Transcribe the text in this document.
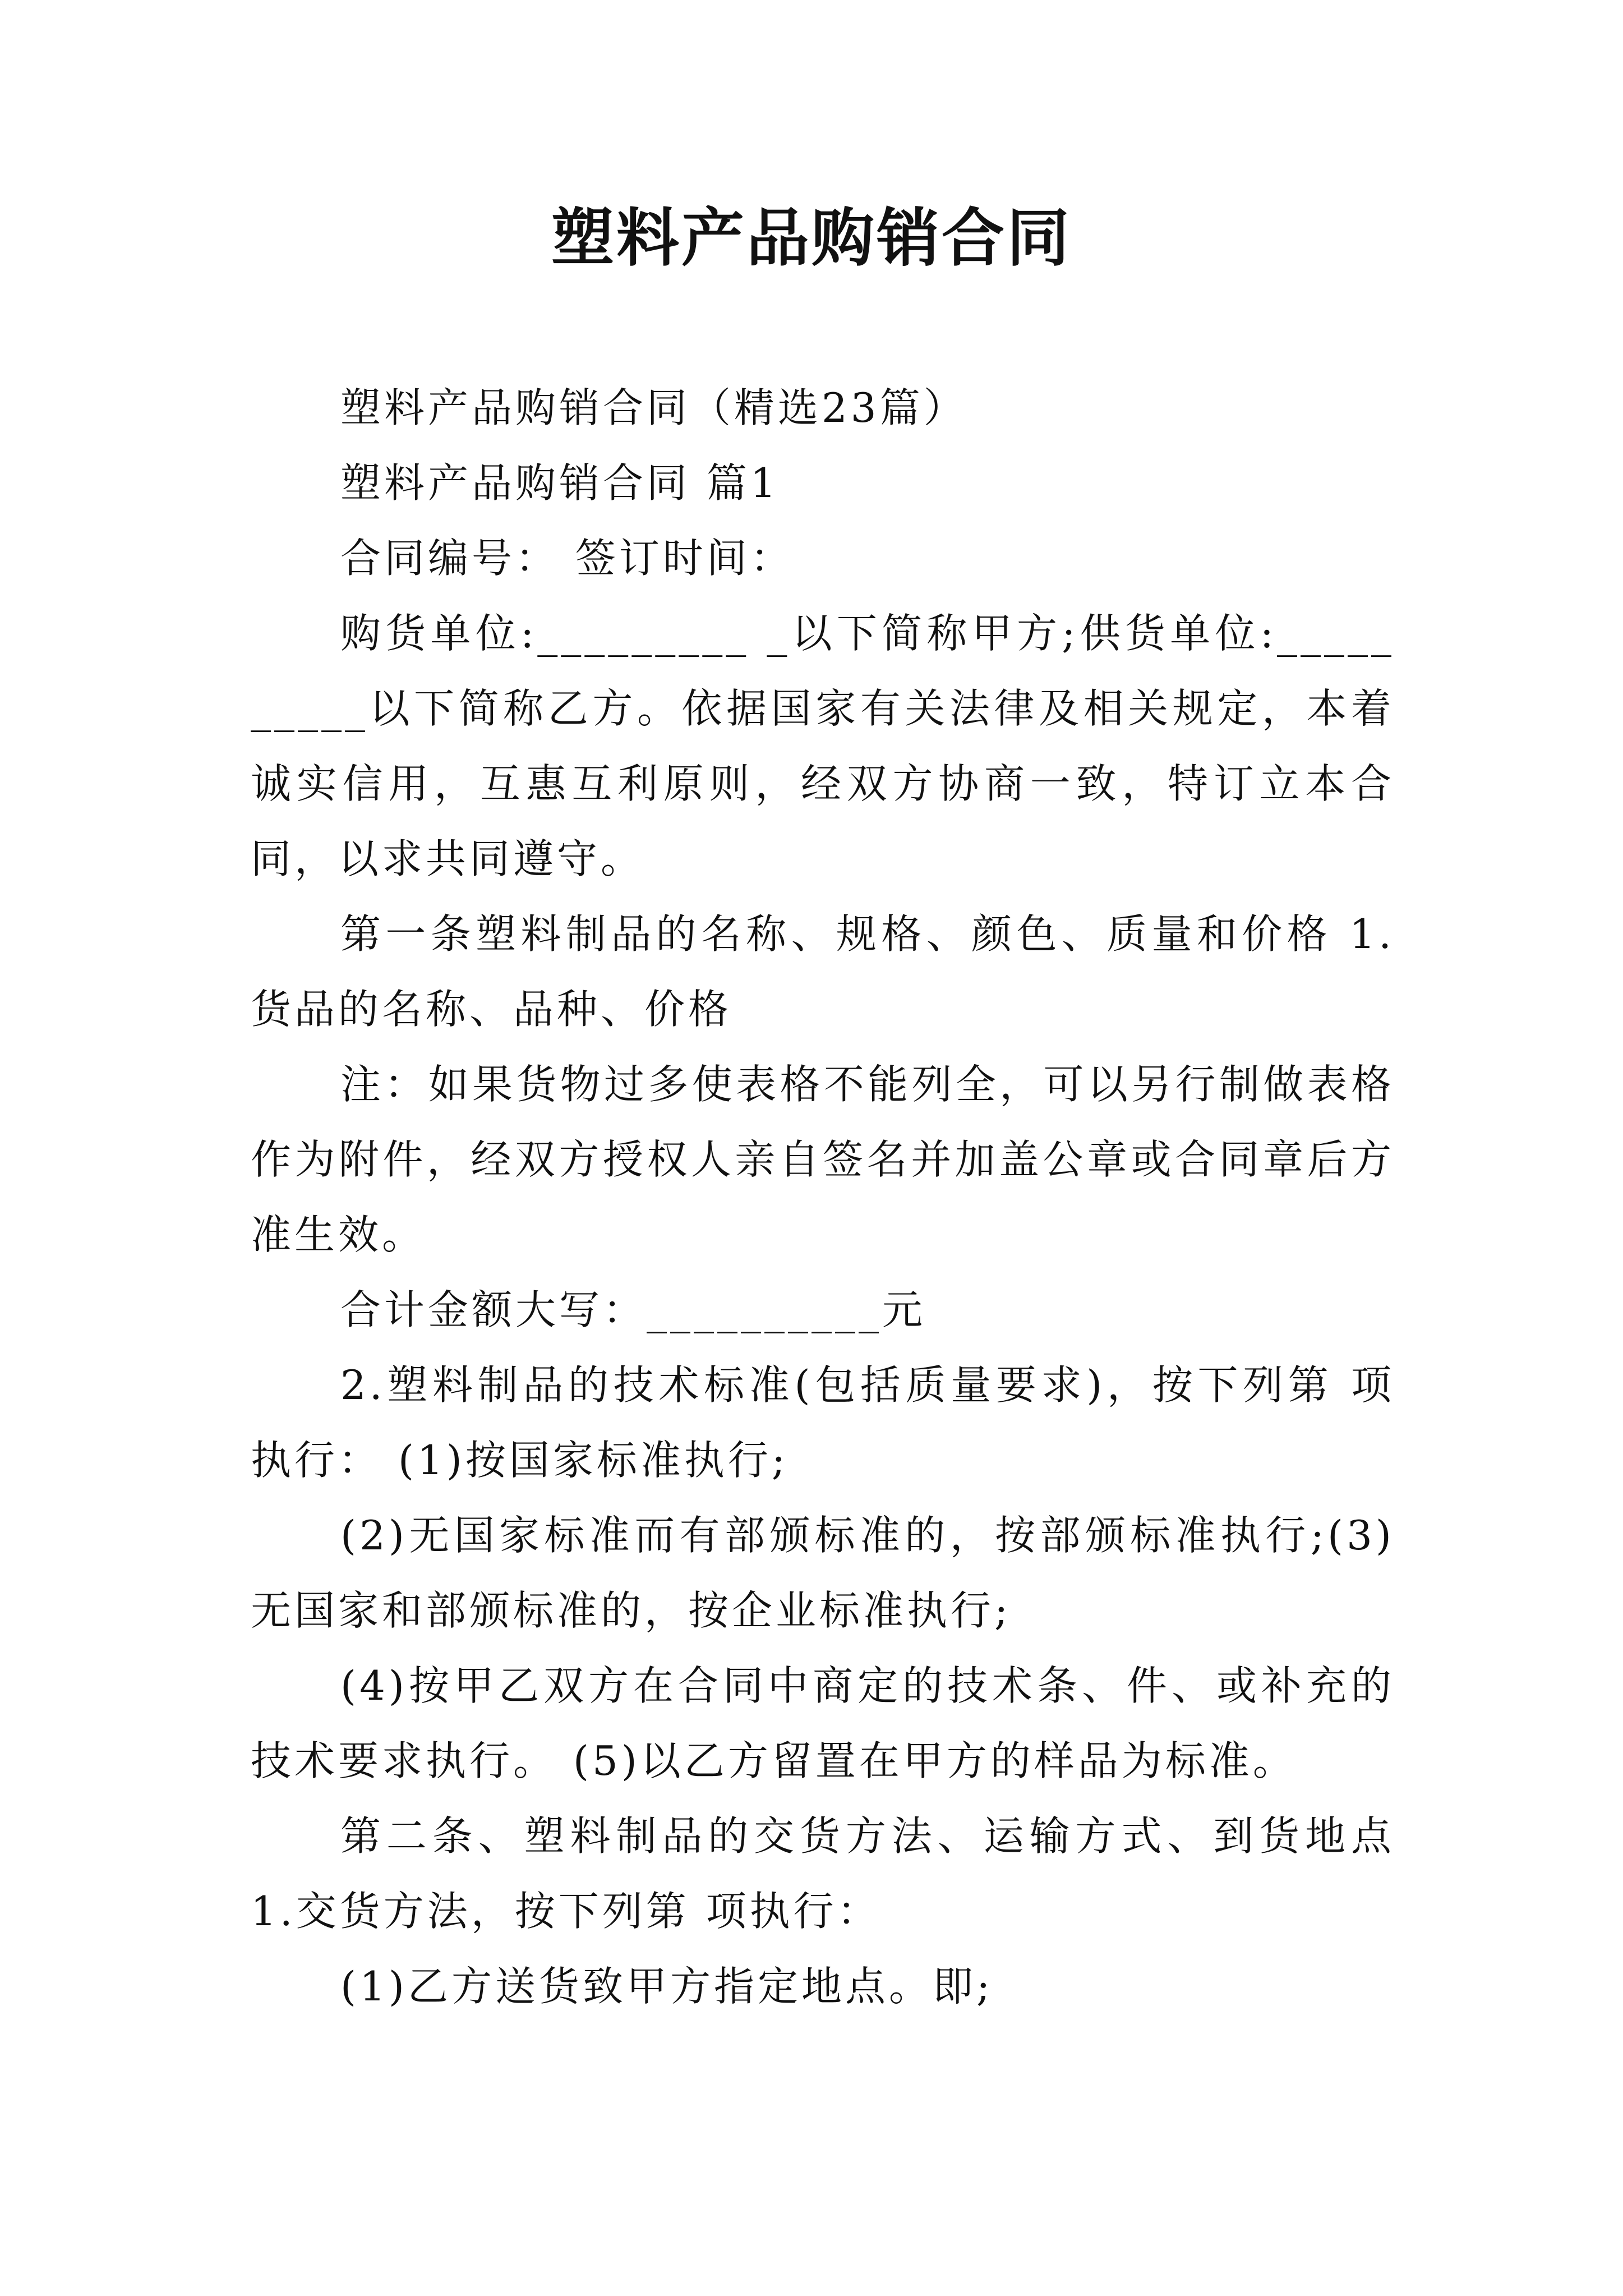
塑料产品购销合同

塑料产品购销合同（精选23篇）

塑料产品购销合同 篇1

合同编号： 签订时间：

购货单位:_________ _以下简称甲方;供货单位:__________以下简称乙方。依据国家有关法律及相关规定，本着诚实信用，互惠互利原则，经双方协商一致，特订立本合同，以求共同遵守。

第一条塑料制品的名称、规格、颜色、质量和价格 1.货品的名称、品种、价格

注：如果货物过多使表格不能列全，可以另行制做表格作为附件，经双方授权人亲自签名并加盖公章或合同章后方准生效。

合计金额大写：__________元

2.塑料制品的技术标准(包括质量要求)，按下列第 项执行： (1)按国家标准执行;

(2)无国家标准而有部颁标准的，按部颁标准执行;(3)无国家和部颁标准的，按企业标准执行;

(4)按甲乙双方在合同中商定的技术条、件、或补充的技术要求执行。 (5)以乙方留置在甲方的样品为标准。

第二条、塑料制品的交货方法、运输方式、到货地点 1.交货方法，按下列第 项执行：

(1)乙方送货致甲方指定地点。即;
